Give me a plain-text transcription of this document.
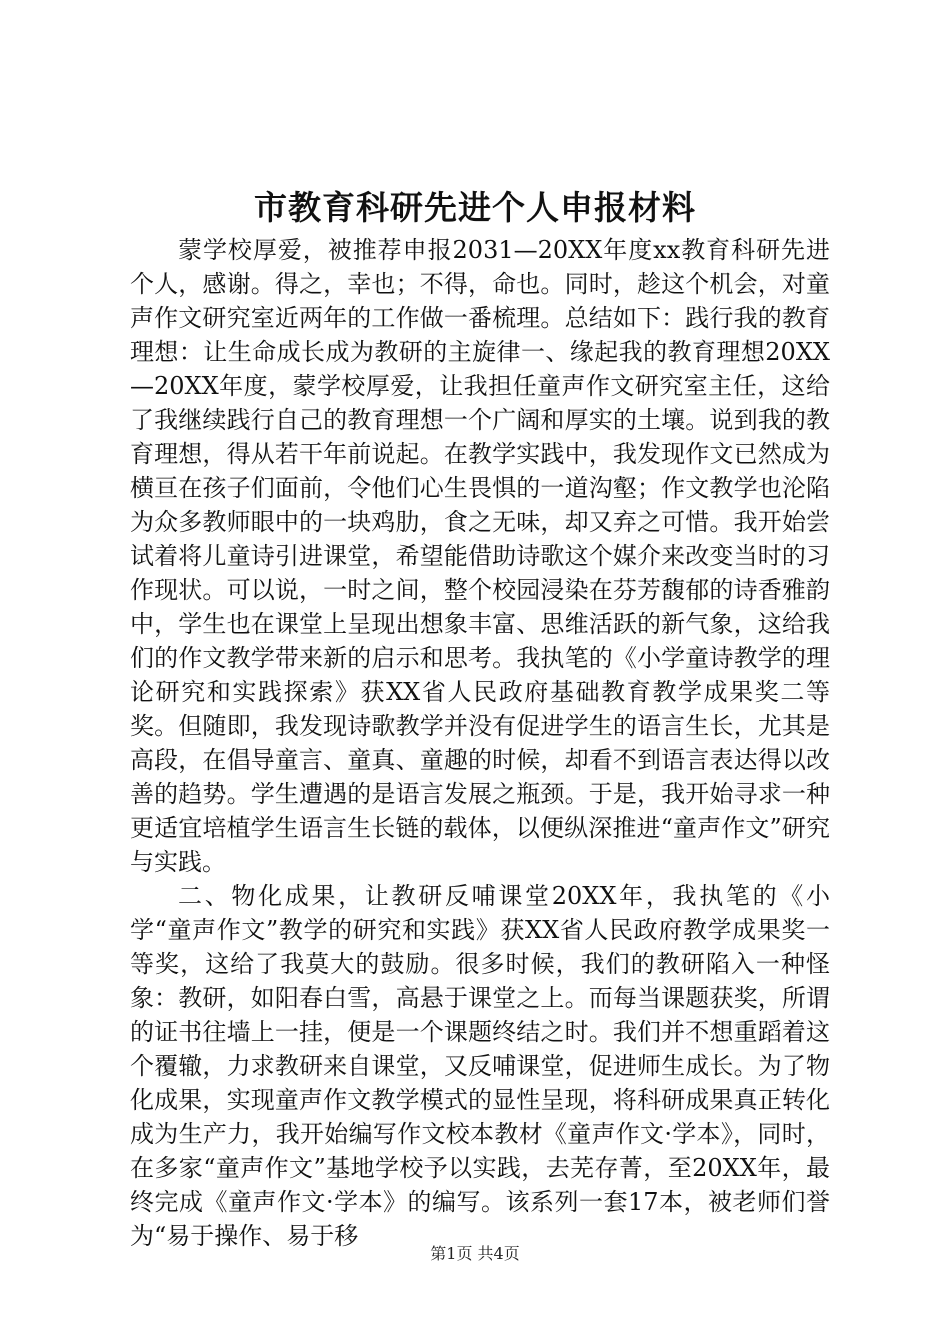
市教育科研先进个人申报材料

蒙学校厚爱，被推荐申报2031—20XX年度xx教育科研先进个人，感谢。得之，幸也；不得，命也。同时，趁这个机会，对童声作文研究室近两年的工作做一番梳理。总结如下：践行我的教育理想：让生命成长成为教研的主旋律一、缘起我的教育理想20XX—20XX年度，蒙学校厚爱，让我担任童声作文研究室主任，这给了我继续践行自己的教育理想一个广阔和厚实的土壤。说到我的教育理想，得从若干年前说起。在教学实践中，我发现作文已然成为横亘在孩子们面前，令他们心生畏惧的一道沟壑；作文教学也沦陷为众多教师眼中的一块鸡肋，食之无味，却又弃之可惜。我开始尝试着将儿童诗引进课堂，希望能借助诗歌这个媒介来改变当时的习作现状。可以说，一时之间，整个校园浸染在芬芳馥郁的诗香雅韵中，学生也在课堂上呈现出想象丰富、思维活跃的新气象，这给我们的作文教学带来新的启示和思考。我执笔的《小学童诗教学的理论研究和实践探索》获XX省人民政府基础教育教学成果奖二等奖。但随即，我发现诗歌教学并没有促进学生的语言生长，尤其是高段，在倡导童言、童真、童趣的时候，却看不到语言表达得以改善的趋势。学生遭遇的是语言发展之瓶颈。于是，我开始寻求一种更适宜培植学生语言生长链的载体，以便纵深推进“童声作文”研究与实践。

二、物化成果，让教研反哺课堂20XX年，我执笔的《小学“童声作文”教学的研究和实践》获XX省人民政府教学成果奖一等奖，这给了我莫大的鼓励。很多时候，我们的教研陷入一种怪象：教研，如阳春白雪，高悬于课堂之上。而每当课题获奖，所谓的证书往墙上一挂，便是一个课题终结之时。我们并不想重蹈着这个覆辙，力求教研来自课堂，又反哺课堂，促进师生成长。为了物化成果，实现童声作文教学模式的显性呈现，将科研成果真正转化成为生产力，我开始编写作文校本教材《童声作文·学本》，同时，在多家“童声作文”基地学校予以实践，去芜存菁，至20XX年，最终完成《童声作文·学本》的编写。该系列一套17本，被老师们誉为“易于操作、易于移

第1页 共4页
